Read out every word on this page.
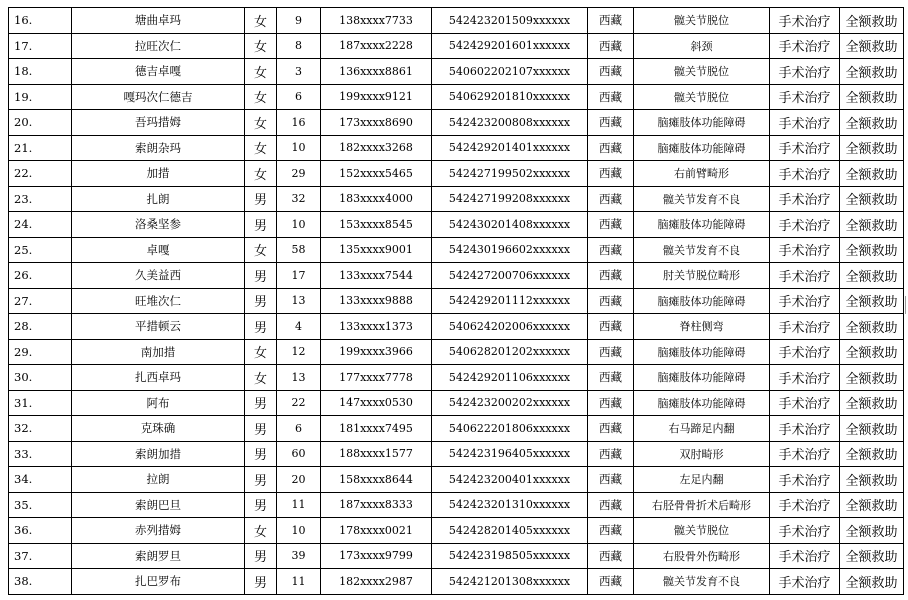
16.	塘曲卓玛	女	9	138xxxx7733	542423201509xxxxxx	西藏	髋关节脱位	手术治疗	全额救助
17.	拉旺次仁	女	8	187xxxx2228	542429201601xxxxxx	西藏	斜颈	手术治疗	全额救助
18.	德吉卓嘎	女	3	136xxxx8861	540602202107xxxxxx	西藏	髋关节脱位	手术治疗	全额救助
19.	嘎玛次仁德吉	女	6	199xxxx9121	540629201810xxxxxx	西藏	髋关节脱位	手术治疗	全额救助
20.	吾玛措姆	女	16	173xxxx8690	542423200808xxxxxx	西藏	脑瘫肢体功能障碍	手术治疗	全额救助
21.	索朗杂玛	女	10	182xxxx3268	542429201401xxxxxx	西藏	脑瘫肢体功能障碍	手术治疗	全额救助
22.	加措	女	29	152xxxx5465	542427199502xxxxxx	西藏	右前臂畸形	手术治疗	全额救助
23.	扎朗	男	32	183xxxx4000	542427199208xxxxxx	西藏	髋关节发育不良	手术治疗	全额救助
24.	洛桑坚参	男	10	153xxxx8545	542430201408xxxxxx	西藏	脑瘫肢体功能障碍	手术治疗	全额救助
25.	卓嘎	女	58	135xxxx9001	542430196602xxxxxx	西藏	髋关节发育不良	手术治疗	全额救助
26.	久美益西	男	17	133xxxx7544	542427200706xxxxxx	西藏	肘关节脱位畸形	手术治疗	全额救助
27.	旺堆次仁	男	13	133xxxx9888	542429201112xxxxxx	西藏	脑瘫肢体功能障碍	手术治疗	全额救助
28.	平措顿云	男	4	133xxxx1373	540624202006xxxxxx	西藏	脊柱侧弯	手术治疗	全额救助
29.	南加措	女	12	199xxxx3966	540628201202xxxxxx	西藏	脑瘫肢体功能障碍	手术治疗	全额救助
30.	扎西卓玛	女	13	177xxxx7778	542429201106xxxxxx	西藏	脑瘫肢体功能障碍	手术治疗	全额救助
31.	阿布	男	22	147xxxx0530	542423200202xxxxxx	西藏	脑瘫肢体功能障碍	手术治疗	全额救助
32.	克珠确	男	6	181xxxx7495	540622201806xxxxxx	西藏	右马蹄足内翻	手术治疗	全额救助
33.	索朗加措	男	60	188xxxx1577	542423196405xxxxxx	西藏	双肘畸形	手术治疗	全额救助
34.	拉朗	男	20	158xxxx8644	542423200401xxxxxx	西藏	左足内翻	手术治疗	全额救助
35.	索朗巴旦	男	11	187xxxx8333	542423201310xxxxxx	西藏	右胫骨骨折术后畸形	手术治疗	全额救助
36.	赤列措姆	女	10	178xxxx0021	542428201405xxxxxx	西藏	髋关节脱位	手术治疗	全额救助
37.	索朗罗旦	男	39	173xxxx9799	542423198505xxxxxx	西藏	右股骨外伤畸形	手术治疗	全额救助
38.	扎巴罗布	男	11	182xxxx2987	542421201308xxxxxx	西藏	髋关节发育不良	手术治疗	全额救助
